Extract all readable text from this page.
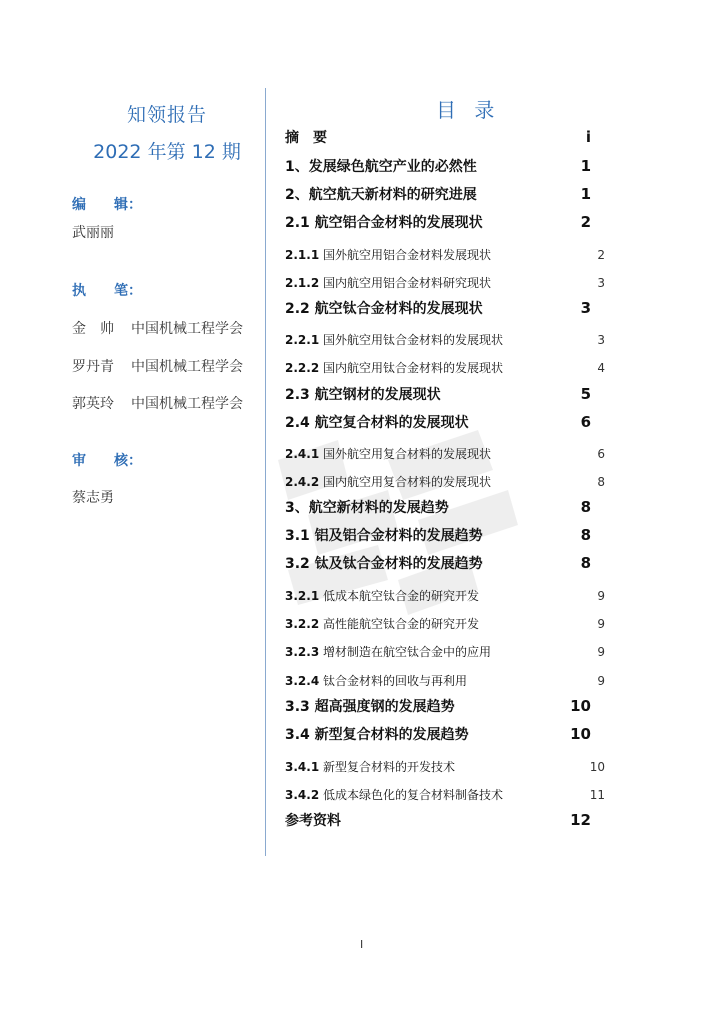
知领报告
2022 年第 12 期
编　　辑：
武丽丽
执　　笔：
金　帅 中国机械工程学会
罗丹青 中国机械工程学会
郭英玲 中国机械工程学会
审　　核：
蔡志勇
目 录
摘　要	i
1、发展绿色航空产业的必然性	1
2、航空航天新材料的研究进展	1
2.1 航空铝合金材料的发展现状	2
2.1.1 国外航空用铝合金材料发展现状	2
2.1.2 国内航空用铝合金材料研究现状	3
2.2 航空钛合金材料的发展现状	3
2.2.1 国外航空用钛合金材料的发展现状	3
2.2.2 国内航空用钛合金材料的发展现状	4
2.3 航空钢材的发展现状	5
2.4 航空复合材料的发展现状	6
2.4.1 国外航空用复合材料的发展现状	6
2.4.2 国内航空用复合材料的发展现状	8
3、航空新材料的发展趋势	8
3.1 铝及铝合金材料的发展趋势	8
3.2 钛及钛合金材料的发展趋势	8
3.2.1 低成本航空钛合金的研究开发	9
3.2.2 高性能航空钛合金的研究开发	9
3.2.3 增材制造在航空钛合金中的应用	9
3.2.4 钛合金材料的回收与再利用	9
3.3 超高强度钢的发展趋势	10
3.4 新型复合材料的发展趋势	10
3.4.1 新型复合材料的开发技术	10
3.4.2 低成本绿色化的复合材料制备技术	11
参考资料	12
I
